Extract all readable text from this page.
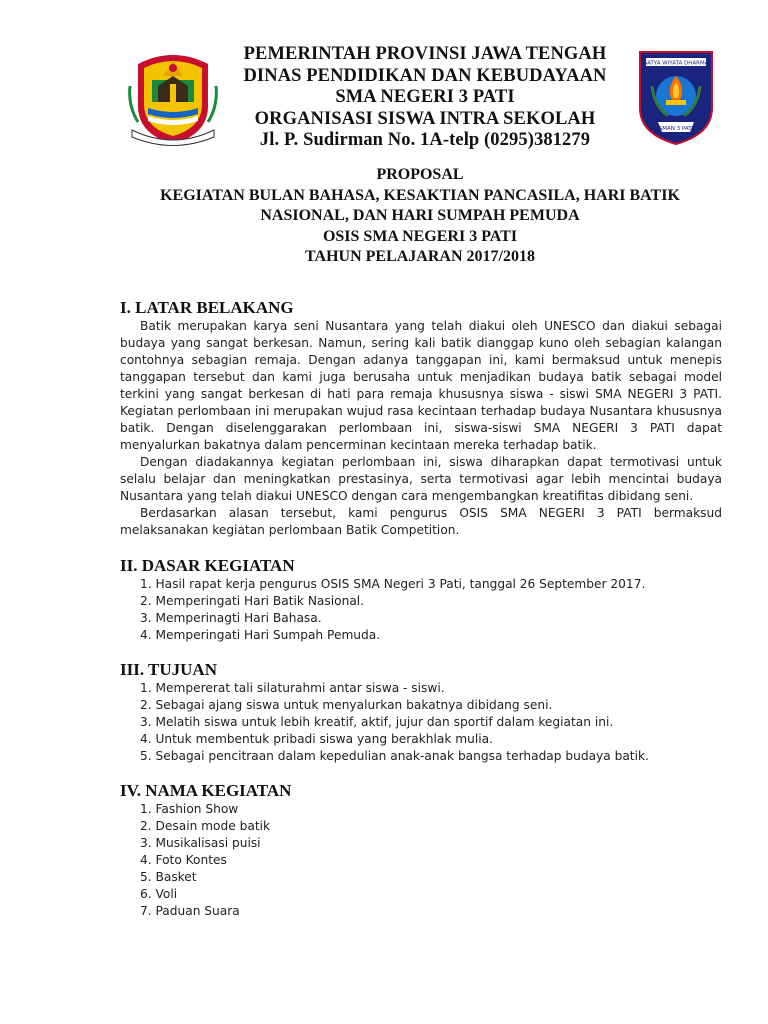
SATYA WIYATA DHARMA
SMAN 3 PATI
PEMERINTAH PROVINSI JAWA TENGAH
DINAS PENDIDIKAN DAN KEBUDAYAAN
SMA NEGERI 3 PATI
ORGANISASI SISWA INTRA SEKOLAH
Jl. P. Sudirman No. 1A-telp (0295)381279
PROPOSAL
KEGIATAN BULAN BAHASA, KESAKTIAN PANCASILA, HARI BATIK
NASIONAL, DAN HARI SUMPAH PEMUDA
OSIS SMA NEGERI 3 PATI
TAHUN PELAJARAN 2017/2018
I. LATAR BELAKANG

Batik merupakan karya seni Nusantara yang telah diakui oleh UNESCO dan diakui sebagai budaya yang sangat berkesan. Namun, sering kali batik dianggap kuno oleh sebagian kalangan contohnya sebagian remaja. Dengan adanya tanggapan ini, kami bermaksud untuk menepis tanggapan tersebut dan kami juga berusaha untuk menjadikan budaya batik sebagai model terkini yang sangat berkesan di hati para remaja khususnya siswa - siswi SMA NEGERI 3 PATI. Kegiatan perlombaan ini merupakan wujud rasa kecintaan terhadap budaya Nusantara khususnya batik. Dengan diselenggarakan perlombaan ini, siswa-siswi SMA NEGERI 3 PATI dapat menyalurkan bakatnya dalam pencerminan kecintaan mereka terhadap batik.

Dengan diadakannya kegiatan perlombaan ini, siswa diharapkan dapat termotivasi untuk selalu belajar dan meningkatkan prestasinya, serta termotivasi agar lebih mencintai budaya Nusantara yang telah diakui UNESCO dengan cara mengembangkan kreatifitas dibidang seni.

Berdasarkan alasan tersebut, kami pengurus OSIS SMA NEGERI 3 PATI bermaksud melaksanakan kegiatan perlombaan Batik Competition.

II. DASAR KEGIATAN
1. Hasil rapat kerja pengurus OSIS SMA Negeri 3 Pati, tanggal 26 September 2017.
2. Memperingati Hari Batik Nasional.
3. Memperinagti Hari Bahasa.
4. Memperingati Hari Sumpah Pemuda.
III. TUJUAN
1. Mempererat tali silaturahmi antar siswa - siswi.
2. Sebagai ajang siswa untuk menyalurkan bakatnya dibidang seni.
3. Melatih siswa untuk lebih kreatif, aktif, jujur dan sportif dalam kegiatan ini.
4. Untuk membentuk pribadi siswa yang berakhlak mulia.
5. Sebagai pencitraan dalam kepedulian anak-anak bangsa terhadap budaya batik.
IV. NAMA KEGIATAN
1. Fashion Show
2. Desain mode batik
3. Musikalisasi puisi
4. Foto Kontes
5. Basket
6. Voli
7. Paduan Suara
